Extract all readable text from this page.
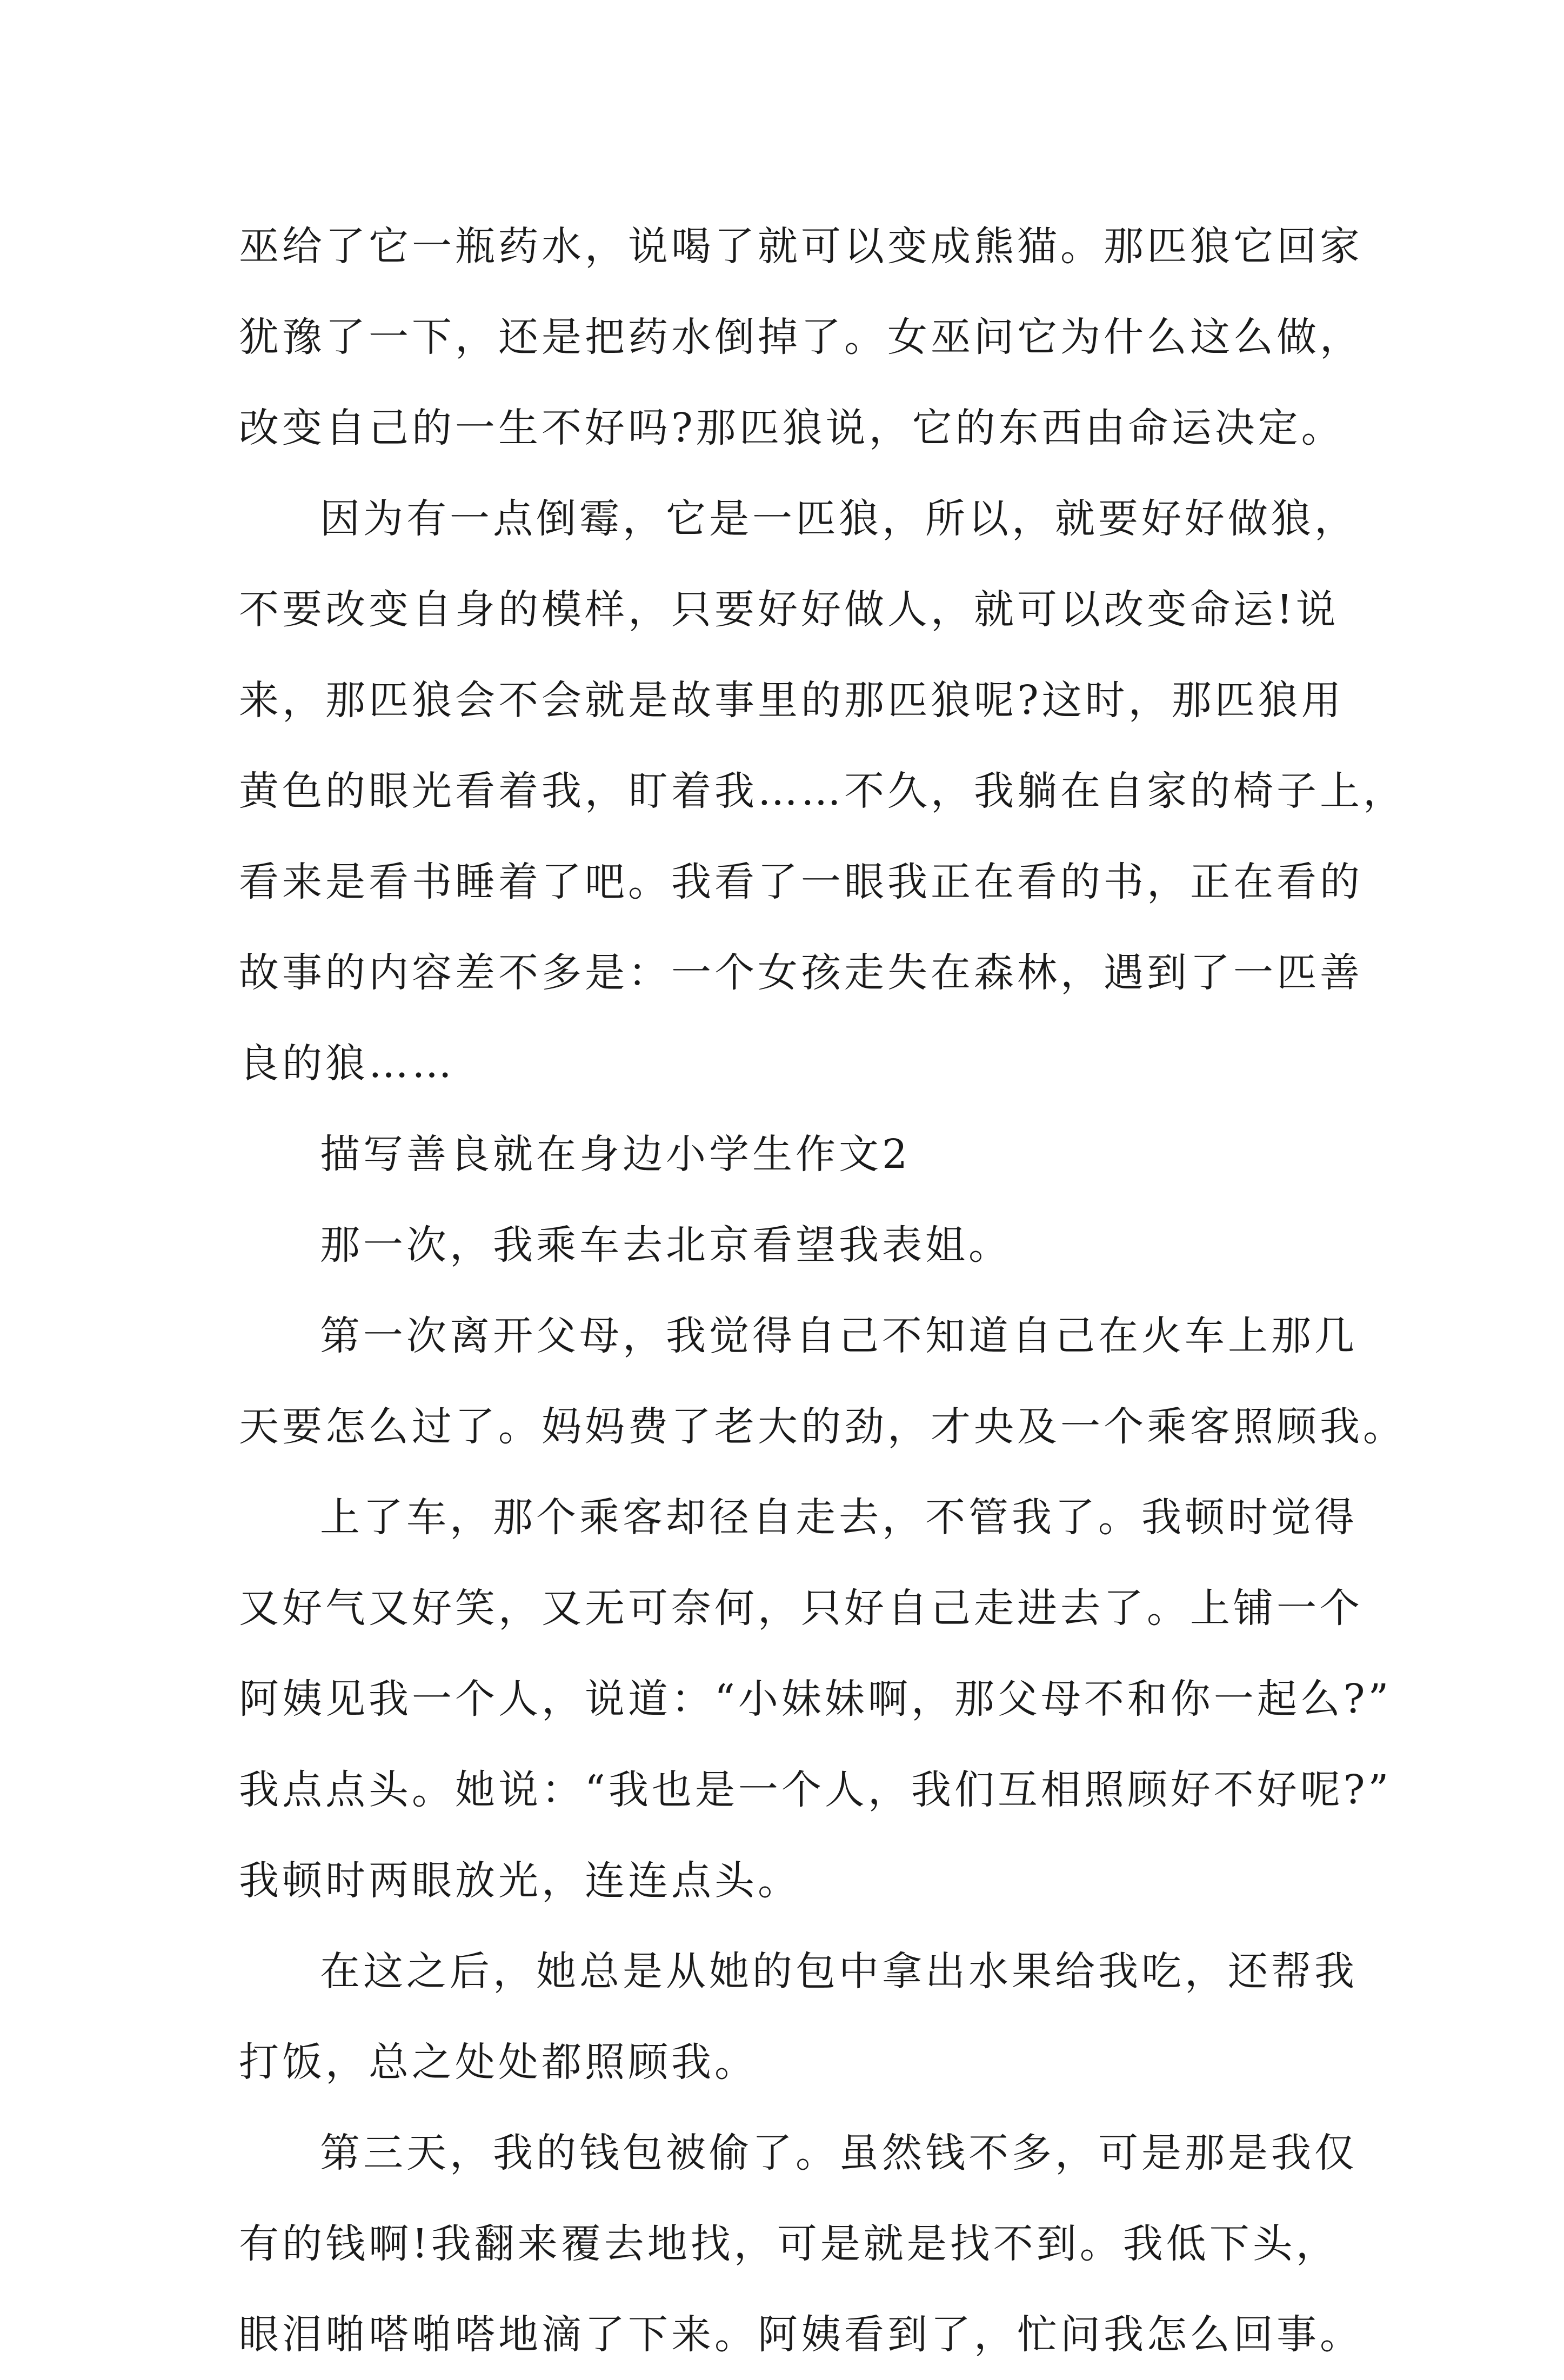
巫给了它一瓶药水，说喝了就可以变成熊猫。那匹狼它回家
犹豫了一下，还是把药水倒掉了。女巫问它为什么这么做，
改变自己的一生不好吗?那匹狼说，它的东西由命运决定。
因为有一点倒霉，它是一匹狼，所以，就要好好做狼，
不要改变自身的模样，只要好好做人，就可以改变命运!说
来，那匹狼会不会就是故事里的那匹狼呢?这时，那匹狼用
黄色的眼光看着我，盯着我……不久，我躺在自家的椅子上，
看来是看书睡着了吧。我看了一眼我正在看的书，正在看的
故事的内容差不多是：一个女孩走失在森林，遇到了一匹善
良的狼……
描写善良就在身边小学生作文2
那一次，我乘车去北京看望我表姐。
第一次离开父母，我觉得自己不知道自己在火车上那几
天要怎么过了。妈妈费了老大的劲，才央及一个乘客照顾我。
上了车，那个乘客却径自走去，不管我了。我顿时觉得
又好气又好笑，又无可奈何，只好自己走进去了。上铺一个
阿姨见我一个人，说道：“小妹妹啊，那父母不和你一起么?”
我点点头。她说：“我也是一个人，我们互相照顾好不好呢?”
我顿时两眼放光，连连点头。
在这之后，她总是从她的包中拿出水果给我吃，还帮我
打饭，总之处处都照顾我。
第三天，我的钱包被偷了。虽然钱不多，可是那是我仅
有的钱啊!我翻来覆去地找，可是就是找不到。我低下头，
眼泪啪嗒啪嗒地滴了下来。阿姨看到了，忙问我怎么回事。
